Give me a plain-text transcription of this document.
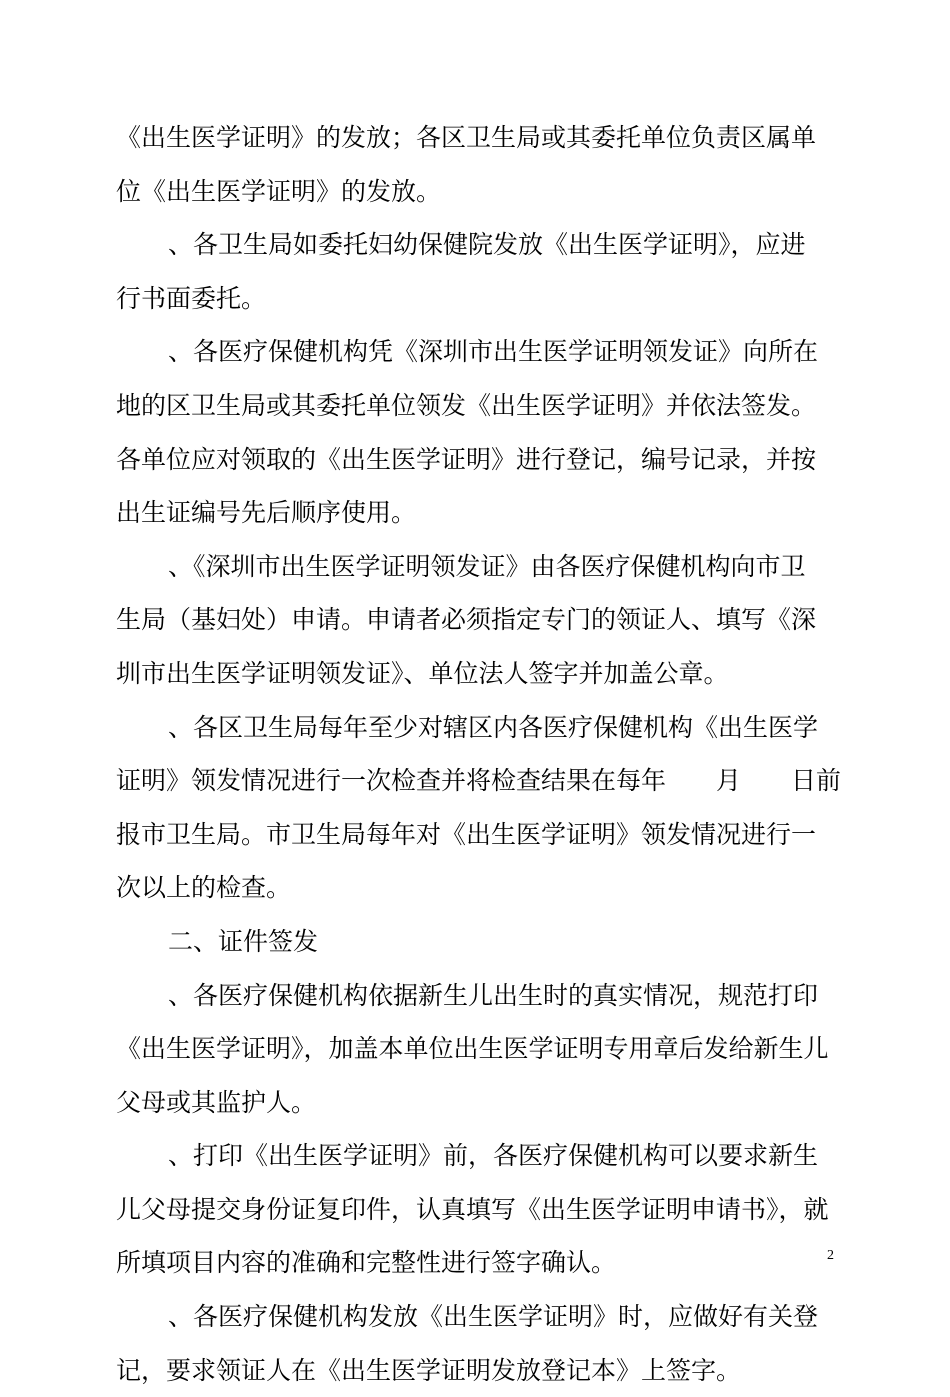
《出生医学证明》的发放；各区卫生局或其委托单位负责区属单
位《出生医学证明》的发放。
、各卫生局如委托妇幼保健院发放《出生医学证明》，应进
行书面委托。
、各医疗保健机构凭《深圳市出生医学证明领发证》向所在
地的区卫生局或其委托单位领发《出生医学证明》并依法签发。
各单位应对领取的《出生医学证明》进行登记，编号记录，并按
出生证编号先后顺序使用。
、《深圳市出生医学证明领发证》由各医疗保健机构向市卫
生局（基妇处）申请。申请者必须指定专门的领证人、填写《深
圳市出生医学证明领发证》、单位法人签字并加盖公章。
、各区卫生局每年至少对辖区内各医疗保健机构《出生医学
证明》领发情况进行一次检查并将检查结果在每年　　月　　日前
报市卫生局。市卫生局每年对《出生医学证明》领发情况进行一
次以上的检查。
二、证件签发
、各医疗保健机构依据新生儿出生时的真实情况，规范打印
《出生医学证明》，加盖本单位出生医学证明专用章后发给新生儿
父母或其监护人。
、打印《出生医学证明》前，各医疗保健机构可以要求新生
儿父母提交身份证复印件，认真填写《出生医学证明申请书》，就
所填项目内容的准确和完整性进行签字确认。
、各医疗保健机构发放《出生医学证明》时，应做好有关登
记，要求领证人在《出生医学证明发放登记本》上签字。
2
